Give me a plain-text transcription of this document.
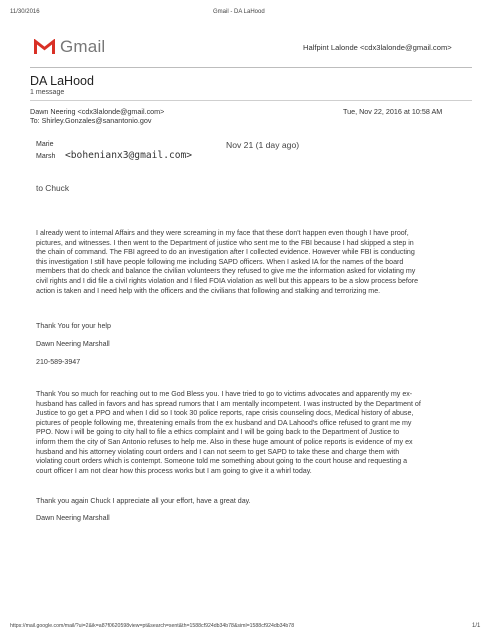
11/30/2016	Gmail - DA LaHood
Gmail	Halfpint Lalonde <cdx3lalonde@gmail.com>
DA LaHood
1 message
Dawn Neering <cdx3lalonde@gmail.com>
To: Shirley.Gonzales@sanantonio.gov
Tue, Nov 22, 2016 at 10:58 AM
Marie
Marsh <bohenianx3@gmail.com>
Nov 21 (1 day ago)
to Chuck
I already went to internal Affairs and they were screaming in my face that these don't happen even though I have proof,
pictures, and witnesses. I then went to the Department of justice who sent me to the FBI because I had skipped a step in
the chain of command. The FBI agreed to do an investigation after I collected evidence. However while FBI is conducting
this investigation I still have people following me including SAPD officers. When I asked IA for the names of the board
members that do check and balance the civilian volunteers they refused to give me the information asked for violating my
civil rights and I did file a civil rights violation and I filed FOIA violation as well but this appears to be a slow process before
action is taken and I need help with the officers and the civilians that following and stalking and terrorizing me.
Thank You for your help
Dawn Neering Marshall
210-589-3947
Thank You so much for reaching out to me God Bless you. I have tried to go to victims advocates and apparently my ex-
husband has called in favors and has spread rumors that I am mentally incompetent. I was instructed by the Department of
Justice to go get a PPO and when I did so I took 30 police reports, rape crisis counseling docs, Medical history of abuse,
pictures of people following me, threatening emails from the ex husband and DA Lahood's office refused to grant me my
PPO. Now i will be going to city hall to file a ethics complaint and I will be going back to the Department of Justice to
inform them the city of San Antonio refuses to help me. Also in these huge amount of police reports is evidence of my ex
husband and his attorney violating court orders and I can not seem to get SAPD to take these and charge them with
violating court orders which is contempt. Someone told me something about going to the court house and requesting a
court officer I am not clear how this process works but I am going to give it a whirl today.
Thank you again Chuck I appreciate all your effort, have a great day.
Dawn Neering Marshall
https://mail.google.com/mail/?ui=2&ik=a87f0620598view=pt&search=sent&th=1588cf924db34b78&siml=1588cf924db34b78	1/1
